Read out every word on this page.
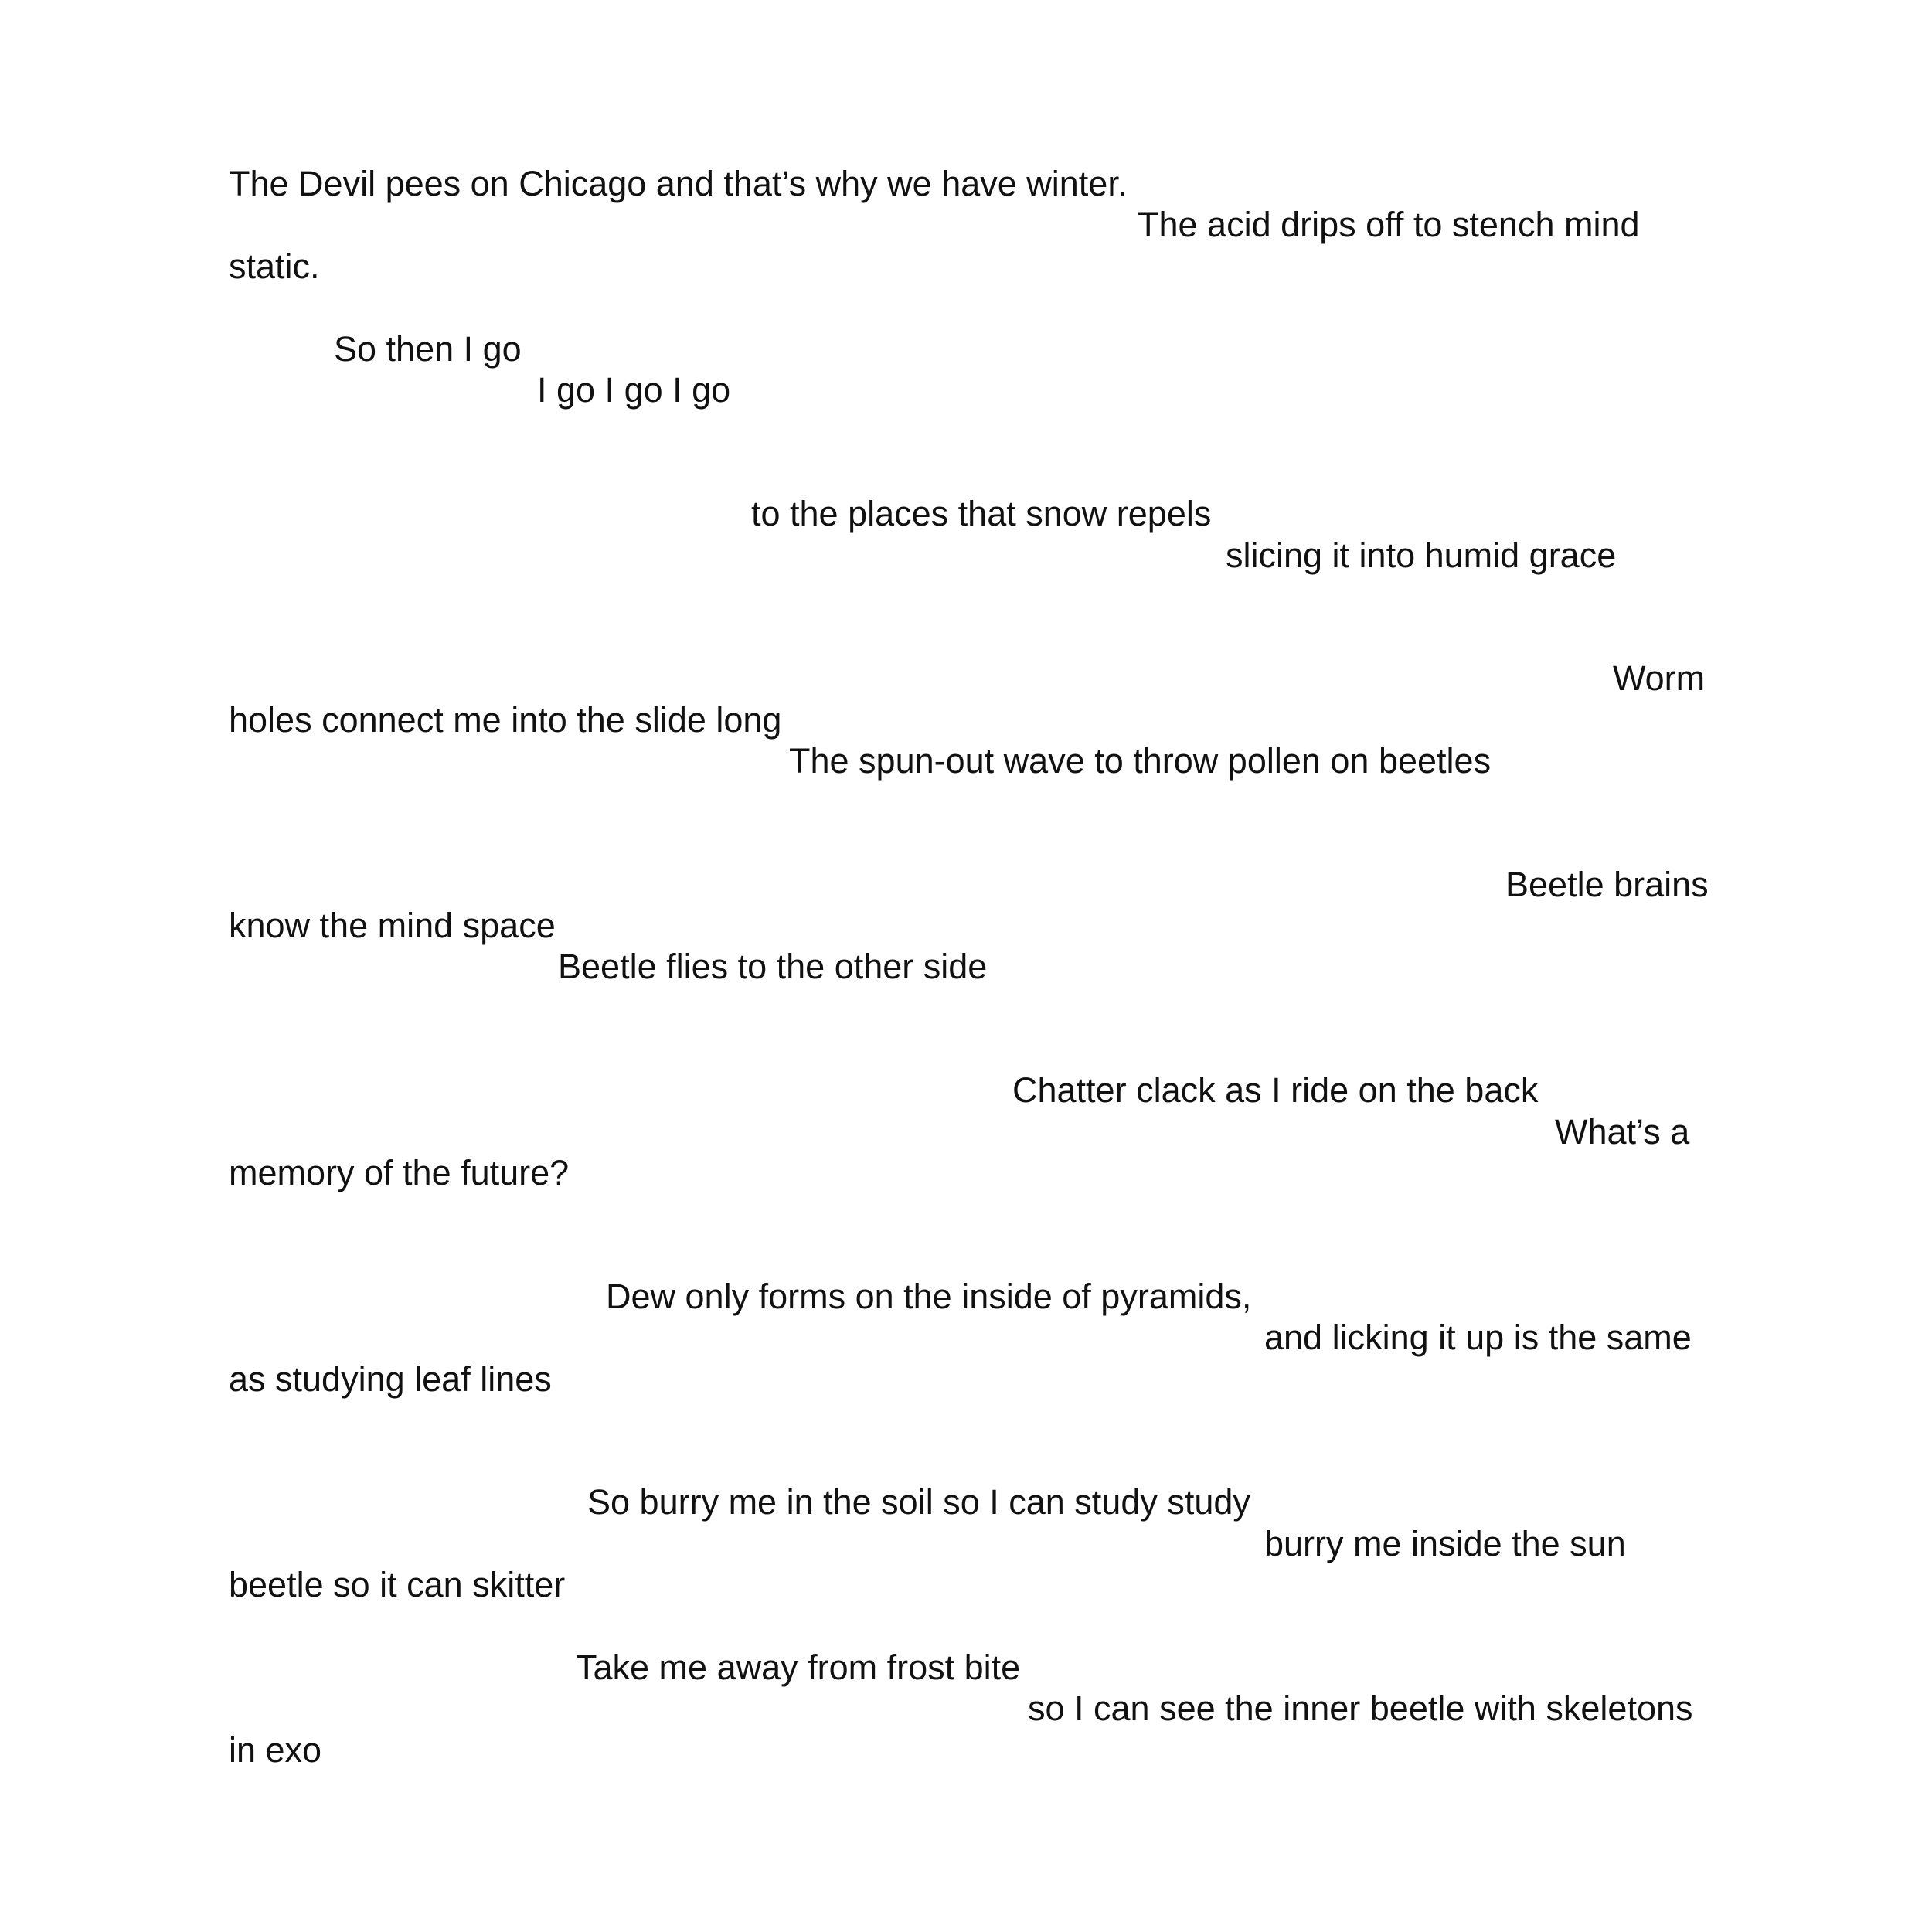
The Devil pees on Chicago and that’s why we have winter.

The acid drips off to stench mind

static.

So then I go

I go I go I go

to the places that snow repels

slicing it into humid grace

Worm

holes connect me into the slide long

The spun-out wave to throw pollen on beetles

Beetle brains

know the mind space

Beetle flies to the other side

Chatter clack as I ride on the back

What’s a

memory of the future?

Dew only forms on the inside of pyramids,

and licking it up is the same

as studying leaf lines

So burry me in the soil so I can study study

burry me inside the sun

beetle so it can skitter

Take me away from frost bite

so I can see the inner beetle with skeletons

in exo
